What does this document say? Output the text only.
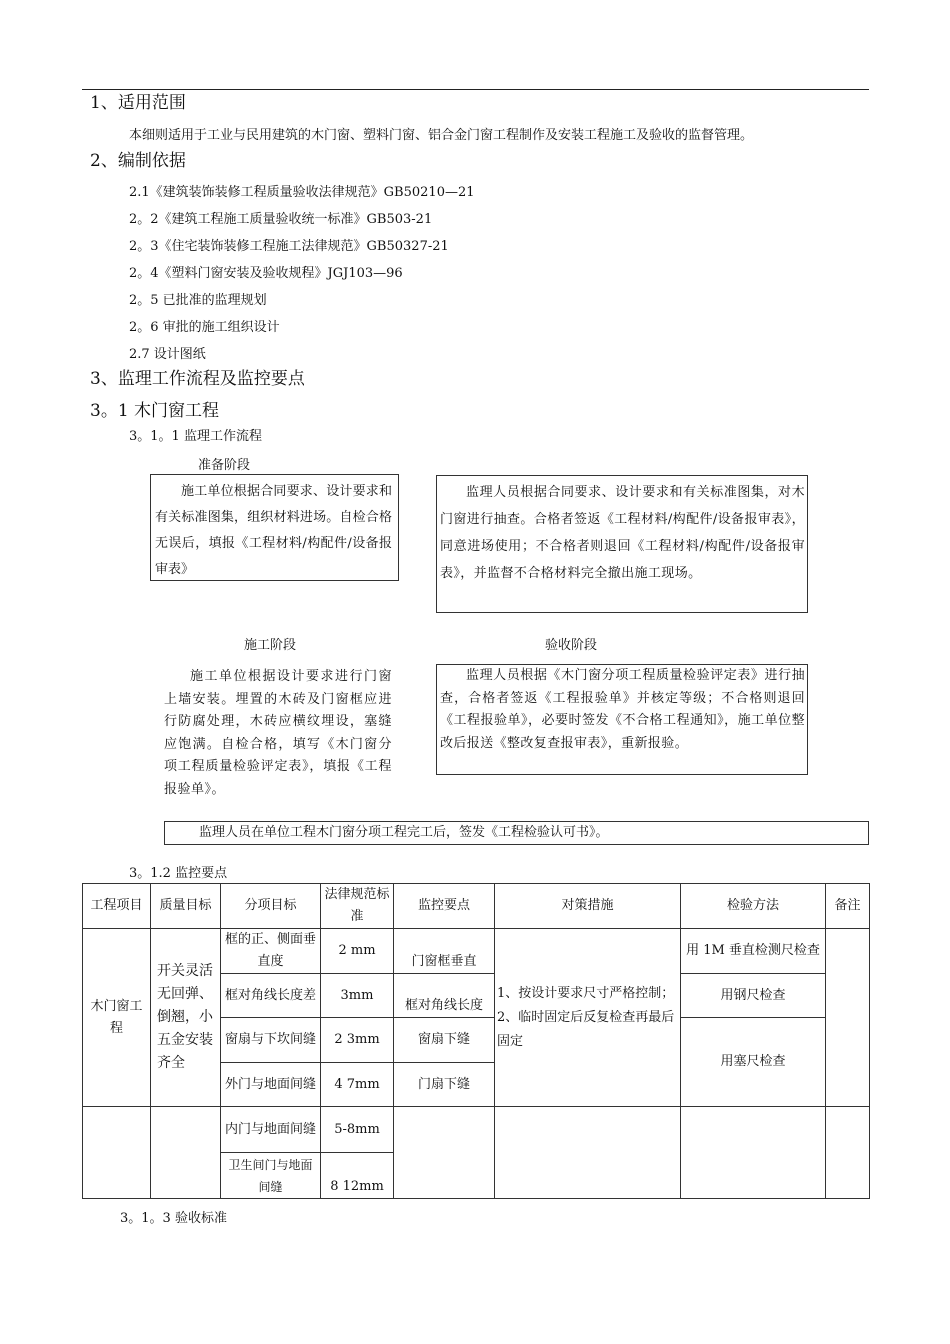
1、适用范围
本细则适用于工业与民用建筑的木门窗、塑料门窗、铝合金门窗工程制作及安装工程施工及验收的监督管理。
2、编制依据
2.1《建筑装饰装修工程质量验收法律规范》GB50210—21
2。2《建筑工程施工质量验收统一标准》GB503-21
2。3《住宅装饰装修工程施工法律规范》GB50327-21
2。4《塑料门窗安装及验收规程》JGJ103—96
2。5 已批准的监理规划
2。6 审批的施工组织设计
2.7 设计图纸
3、监理工作流程及监控要点
3。1 木门窗工程
3。1。1 监理工作流程
准备阶段

施工单位根据合同要求、设计要求和有关标准图集，组织材料进场。自检合格无误后，填报《工程材料/构配件/设备报审表》

监理人员根据合同要求、设计要求和有关标准图集，对木门窗进行抽查。合格者签返《工程材料/构配件/设备报审表》，同意进场使用；不合格者则退回《工程材料/构配件/设备报审表》，并监督不合格材料完全撤出施工现场。

施工阶段	验收阶段

施工单位根据设计要求进行门窗上墙安装。埋置的木砖及门窗框应进行防腐处理，木砖应横纹埋设，塞缝应饱满。自检合格，填写《木门窗分项工程质量检验评定表》，填报《工程报验单》。

监理人员根据《木门窗分项工程质量检验评定表》进行抽查，合格者签返《工程报验单》并核定等级；不合格则退回《工程报验单》，必要时签发《不合格工程通知》，施工单位整改后报送《整改复查报审表》，重新报验。

监理人员在单位工程木门窗分项工程完工后，签发《工程检验认可书》。

3。1.2 监控要点
工程项目	质量目标	分项目标	法律规范标准	监控要点	对策措施	检验方法	备注
木门窗工程	开关灵活无回弹、倒翘，小五金安装齐全	框的正、侧面垂直度	2 mm	门窗框垂直	1、按设计要求尺寸严格控制；2、临时固定后反复检查再最后固定	用 1M 垂直检测尺检查	
		框对角线长度差	3mm	框对角线长度		用钢尺检查	
		窗扇与下坎间缝	2 3mm	窗扇下缝		用塞尺检查	
		外门与地面间缝	4 7mm	门扇下缝			
		内门与地面间缝	5-8mm				
		卫生间门与地面间缝	8 12mm				
3。1。3 验收标准
